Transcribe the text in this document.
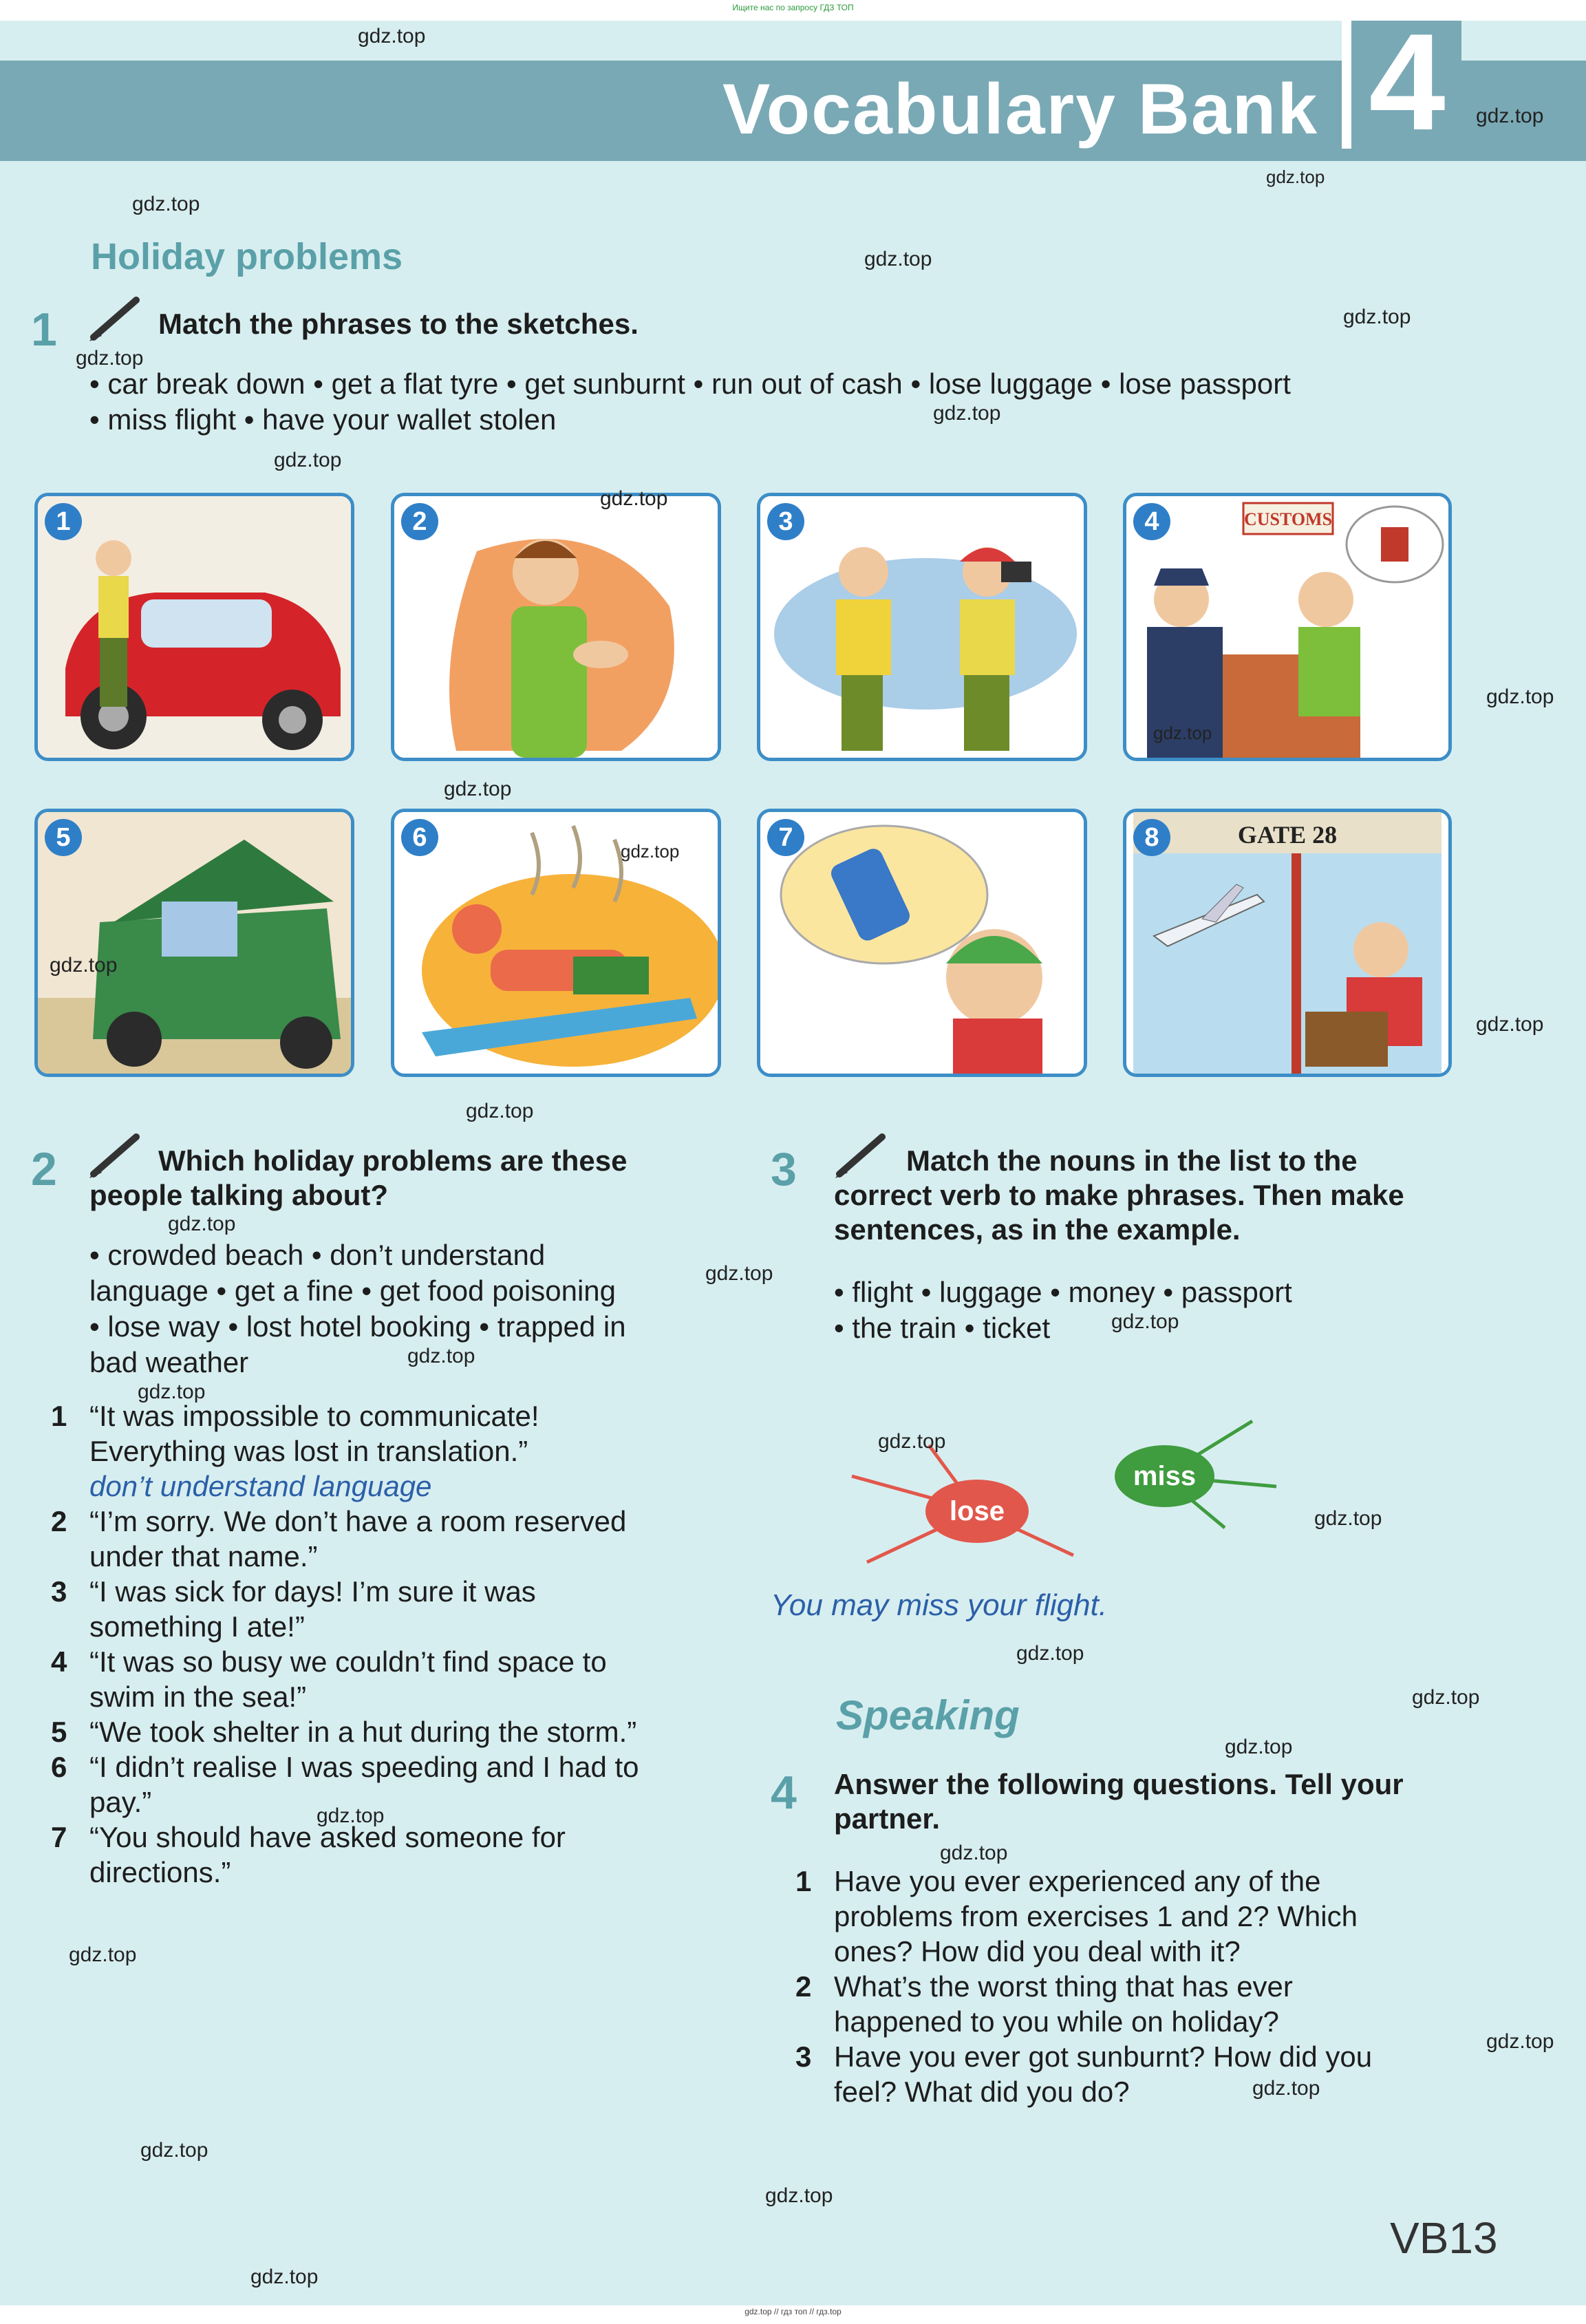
Ищите нас по запросу ГДЗ ТОП
Vocabulary Bank 4
Holiday problems
1	Match the phrases to the sketches.
• car break down • get a flat tyre • get sunburnt • run out of cash • lose luggage • lose passport
• miss flight • have your wallet stolen
1	2	3	4	CUSTOMS
5	6	7	8	GATE 28
2	Which holiday problems are these people talking about?
• crowded beach • don’t understand
language • get a fine • get food poisoning
• lose way • lost hotel booking • trapped in
bad weather
1 “It was impossible to communicate!
Everything was lost in translation.”
don’t understand language
2 “I’m sorry. We don’t have a room reserved
under that name.”
3 “I was sick for days! I’m sure it was
something I ate!”
4 “It was so busy we couldn’t find space to
swim in the sea!”
5 “We took shelter in a hut during the storm.”
6 “I didn’t realise I was speeding and I had to
pay.”
7 “You should have asked someone for
directions.”
3	Match the nouns in the list to the
correct verb to make phrases. Then make
sentences, as in the example.
• flight • luggage • money • passport
• the train • ticket
lose
miss
You may miss your flight.
Speaking
4 Answer the following questions. Tell your
partner.
1 Have you ever experienced any of the
problems from exercises 1 and 2? Which
ones? How did you deal with it?
2 What’s the worst thing that has ever
happened to you while on holiday?
3 Have you ever got sunburnt? How did you
feel? What did you do?
VB13
gdz.top
gdz.top
gdz.top
gdz.top
gdz.top
gdz.top
gdz.top
gdz.top
gdz.top
gdz.top
gdz.top
gdz.top
gdz.top
gdz.top
gdz.top
gdz.top
gdz.top
gdz.top
gdz.top
gdz.top
gdz.top
gdz.top
gdz.top
gdz.top
gdz.top
gdz.top
gdz.top
gdz.top
gdz.top
gdz.top
gdz.top
gdz.top
gdz.top
gdz.top
gdz.top
gdz.top // гдз топ // гдз.top
